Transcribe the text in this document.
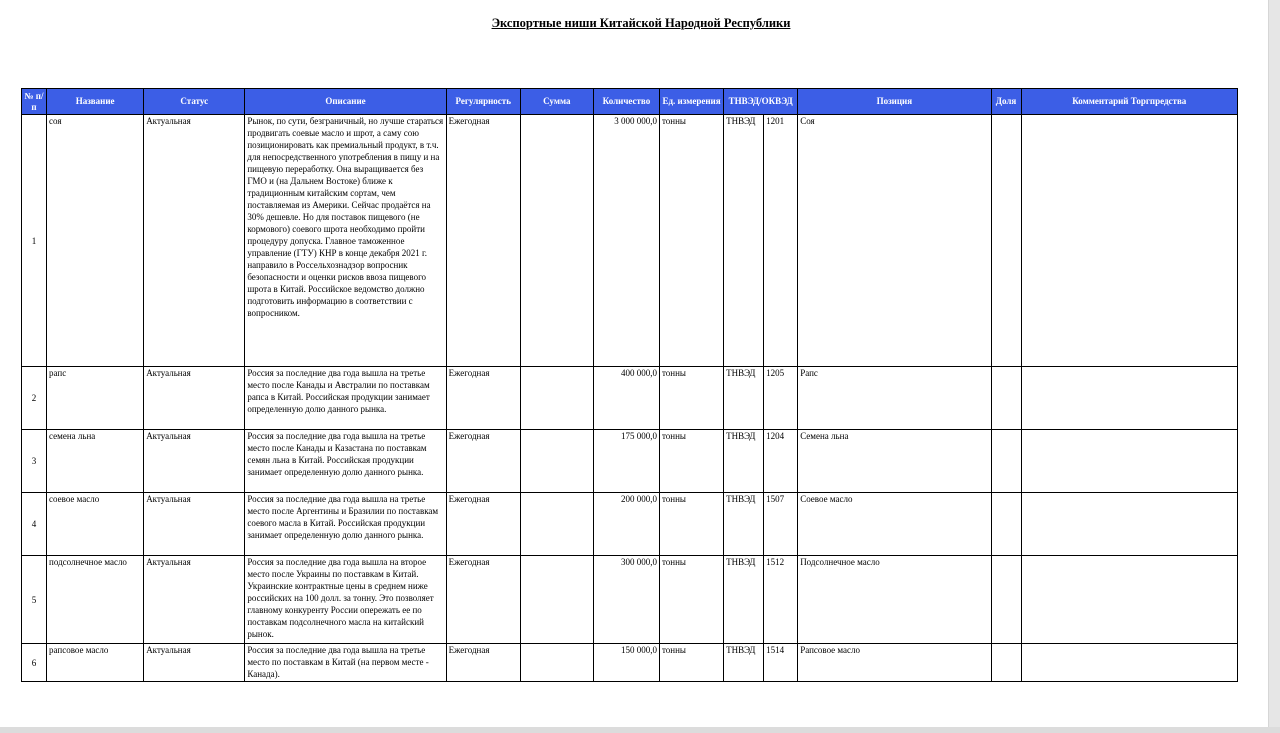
Экспортные ниши Китайской Народной Республики
№ п/п	Название	Статус	Описание	Регулярность	Сумма	Количество	Ед. измерения	ТНВЭД/ОКВЭД		Позиция	Доля	Комментарий Торгпредства
1	соя	Актуальная	Рынок, по сути, безграничный, но лучше стараться продвигать соевые масло и шрот, а саму сою позиционировать как премиальный продукт, в т.ч. для непосредственного употребления в пищу и на пищевую переработку. Она выращивается без ГМО и (на Дальнем Востоке) ближе к традиционным китайским сортам, чем поставляемая из Америки. Сейчас продаётся на 30% дешевле. Но для поставок пищевого (не кормового) соевого шрота необходимо пройти процедуру допуска. Главное таможенное управление (ГТУ) КНР в конце декабря 2021 г. направило в Россельхознадзор вопросник безопасности и оценки рисков ввоза пищевого шрота в Китай. Российское ведомство должно подготовить информацию в соответствии с вопросником.	Ежегодная		3 000 000,0	тонны	ТНВЭД	1201	Соя		
2	рапс	Актуальная	Россия за последние два года вышла на третье место после Канады и Австралии по поставкам рапса в Китай. Российская продукции занимает определенную долю данного рынка.	Ежегодная		400 000,0	тонны	ТНВЭД	1205	Рапс		
3	семена льна	Актуальная	Россия за последние два года вышла на третье место после Канады и Казастана по поставкам семян льна в Китай. Российская продукции занимает определенную долю данного рынка.	Ежегодная		175 000,0	тонны	ТНВЭД	1204	Семена льна		
4	соевое масло	Актуальная	Россия за последние два года вышла на третье место после Аргентины и Бразилии по поставкам соевого масла в Китай. Российская продукции занимает определенную долю данного рынка.	Ежегодная		200 000,0	тонны	ТНВЭД	1507	Соевое масло		
5	подсолнечное масло	Актуальная	Россия за последние два года вышла на второе место после Украины по поставкам в Китай. Украинские контрактные цены в среднем ниже российских на 100 долл. за тонну. Это позволяет главному конкуренту России опережать ее по поставкам подсолнечного масла на китайский рынок.	Ежегодная		300 000,0	тонны	ТНВЭД	1512	Подсолнечное масло		
6	рапсовое масло	Актуальная	Россия за последние два года вышла на третье место по поставкам в Китай (на первом месте - Канада).	Ежегодная		150 000,0	тонны	ТНВЭД	1514	Рапсовое масло		
